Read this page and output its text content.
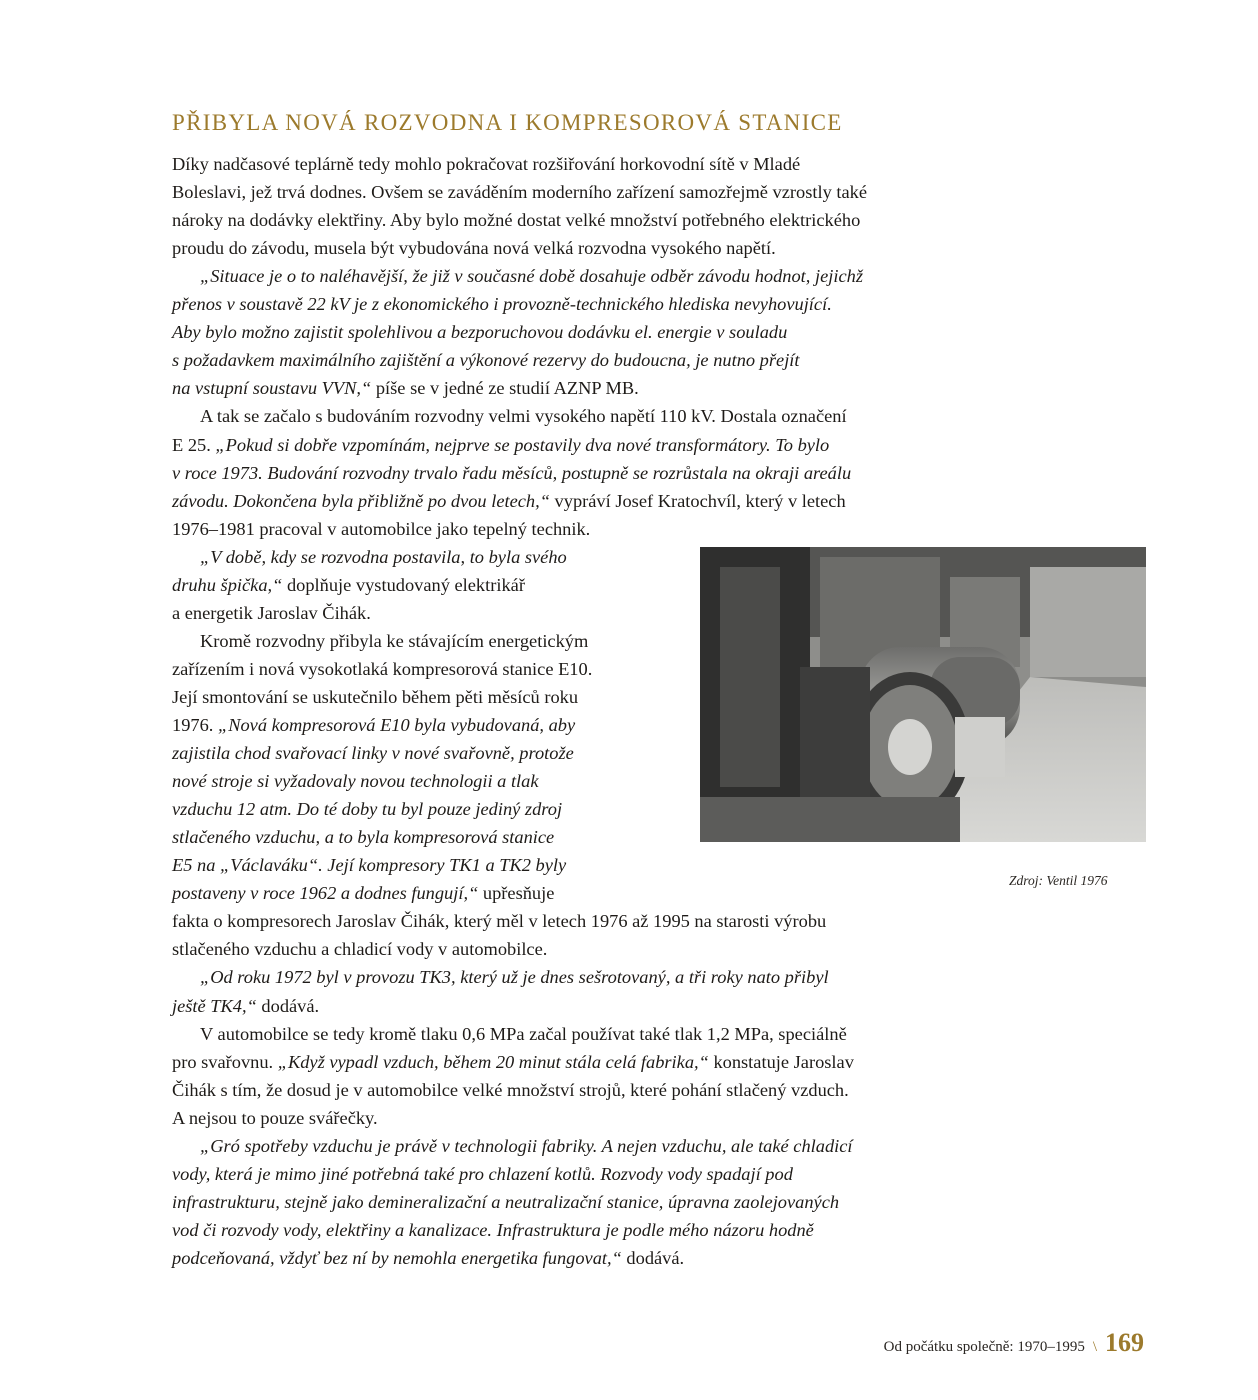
PŘIBYLA NOVÁ ROZVODNA I KOMPRESOROVÁ STANICE
Díky nadčasové teplárně tedy mohlo pokračovat rozšiřování horkovodní sítě v Mladé
Boleslavi, jež trvá dodnes. Ovšem se zaváděním moderního zařízení samozřejmě vzrostly také
nároky na dodávky elektřiny. Aby bylo možné dostat velké množství potřebného elektrického
proudu do závodu, musela být vybudována nová velká rozvodna vysokého napětí.
„Situace je o to naléhavější, že již v současné době dosahuje odběr závodu hodnot, jejichž
přenos v soustavě 22 kV je z ekonomického i provozně-technického hlediska nevyhovující.
Aby bylo možno zajistit spolehlivou a bezporuchovou dodávku el. energie v souladu
s požadavkem maximálního zajištění a výkonové rezervy do budoucna, je nutno přejít
na vstupní soustavu VVN,“ píše se v jedné ze studií AZNP MB.
A tak se začalo s budováním rozvodny velmi vysokého napětí 110 kV. Dostala označení
E 25. „Pokud si dobře vzpomínám, nejprve se postavily dva nové transformátory. To bylo
v roce 1973. Budování rozvodny trvalo řadu měsíců, postupně se rozrůstala na okraji areálu
závodu. Dokončena byla přibližně po dvou letech,“ vypráví Josef Kratochvíl, který v letech
1976–1981 pracoval v automobilce jako tepelný technik.
„V době, kdy se rozvodna postavila, to byla svého
druhu špička,“ doplňuje vystudovaný elektrikář
a energetik Jaroslav Čihák.
Kromě rozvodny přibyla ke stávajícím energetickým
zařízením i nová vysokotlaká kompresorová stanice E10.
Její smontování se uskutečnilo během pěti měsíců roku
1976. „Nová kompresorová E10 byla vybudovaná, aby
zajistila chod svařovací linky v nové svařovně, protože
nové stroje si vyžadovaly novou technologii a tlak
vzduchu 12 atm. Do té doby tu byl pouze jediný zdroj
stlačeného vzduchu, a to byla kompresorová stanice
E5 na „Václaváku“. Její kompresory TK1 a TK2 byly
postaveny v roce 1962 a dodnes fungují,“ upřesňuje
fakta o kompresorech Jaroslav Čihák, který měl v letech 1976 až 1995 na starosti výrobu
stlačeného vzduchu a chladicí vody v automobilce.
„Od roku 1972 byl v provozu TK3, který už je dnes sešrotovaný, a tři roky nato přibyl
ještě TK4,“ dodává.
V automobilce se tedy kromě tlaku 0,6 MPa začal používat také tlak 1,2 MPa, speciálně
pro svařovnu. „Když vypadl vzduch, během 20 minut stála celá fabrika,“ konstatuje Jaroslav
Čihák s tím, že dosud je v automobilce velké množství strojů, které pohání stlačený vzduch.
A nejsou to pouze svářečky.
„Gró spotřeby vzduchu je právě v technologii fabriky. A nejen vzduchu, ale také chladicí
vody, která je mimo jiné potřebná také pro chlazení kotlů. Rozvody vody spadají pod
infrastrukturu, stejně jako demineralizační a neutralizační stanice, úpravna zaolejovaných
vod či rozvody vody, elektřiny a kanalizace. Infrastruktura je podle mého názoru hodně
podceňovaná, vždyť bez ní by nemohla energetika fungovat,“ dodává.

Zdroj: Ventil 1976

Od počátku společně: 1970–1995 \ 169
